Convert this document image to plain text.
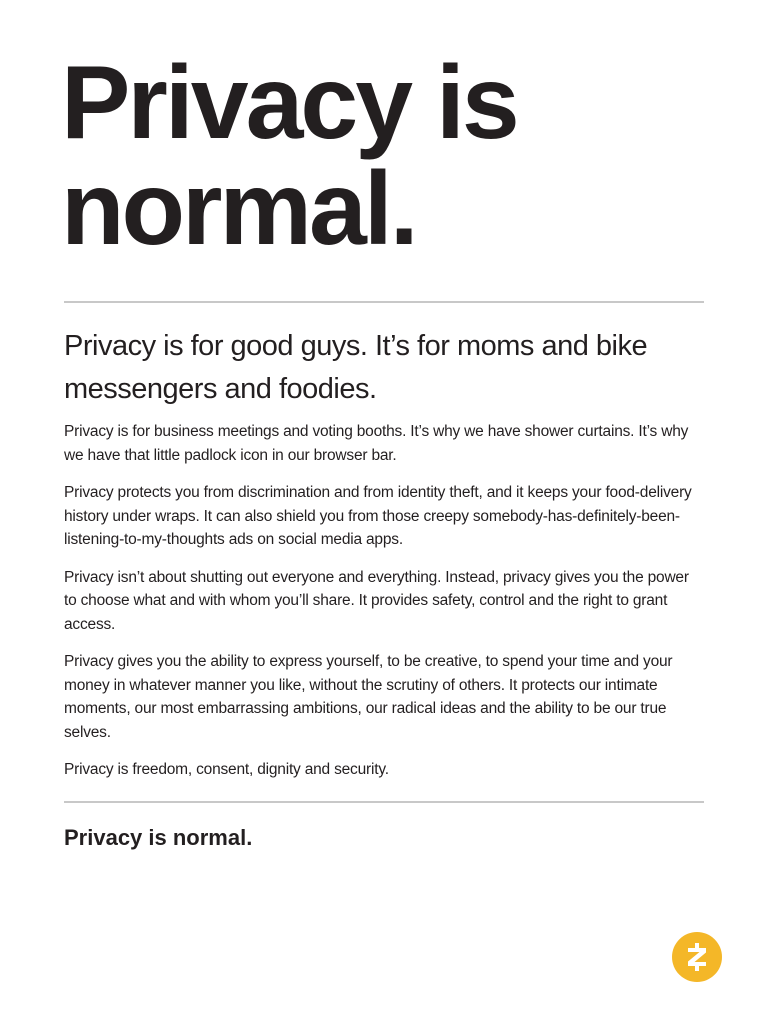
Privacy is
normal.

Privacy is for good guys. It’s for moms and bike messengers and foodies.

Privacy is for business meetings and voting booths. It’s why we have shower curtains. It’s why we have that little padlock icon in our browser bar.

Privacy protects you from discrimination and from identity theft, and it keeps your food-delivery history under wraps. It can also shield you from those creepy somebody-has-definitely-been-listening-to-my-thoughts ads on social media apps.

Privacy isn’t about shutting out everyone and everything. Instead, privacy gives you the power to choose what and with whom you’ll share. It provides safety, control and the right to grant access.

Privacy gives you the ability to express yourself, to be creative, to spend your time and your money in whatever manner you like, without the scrutiny of others. It protects our intimate moments, our most embarrassing ambitions, our radical ideas and the ability to be our true selves.

Privacy is freedom, consent, dignity and security.

Privacy is normal.
